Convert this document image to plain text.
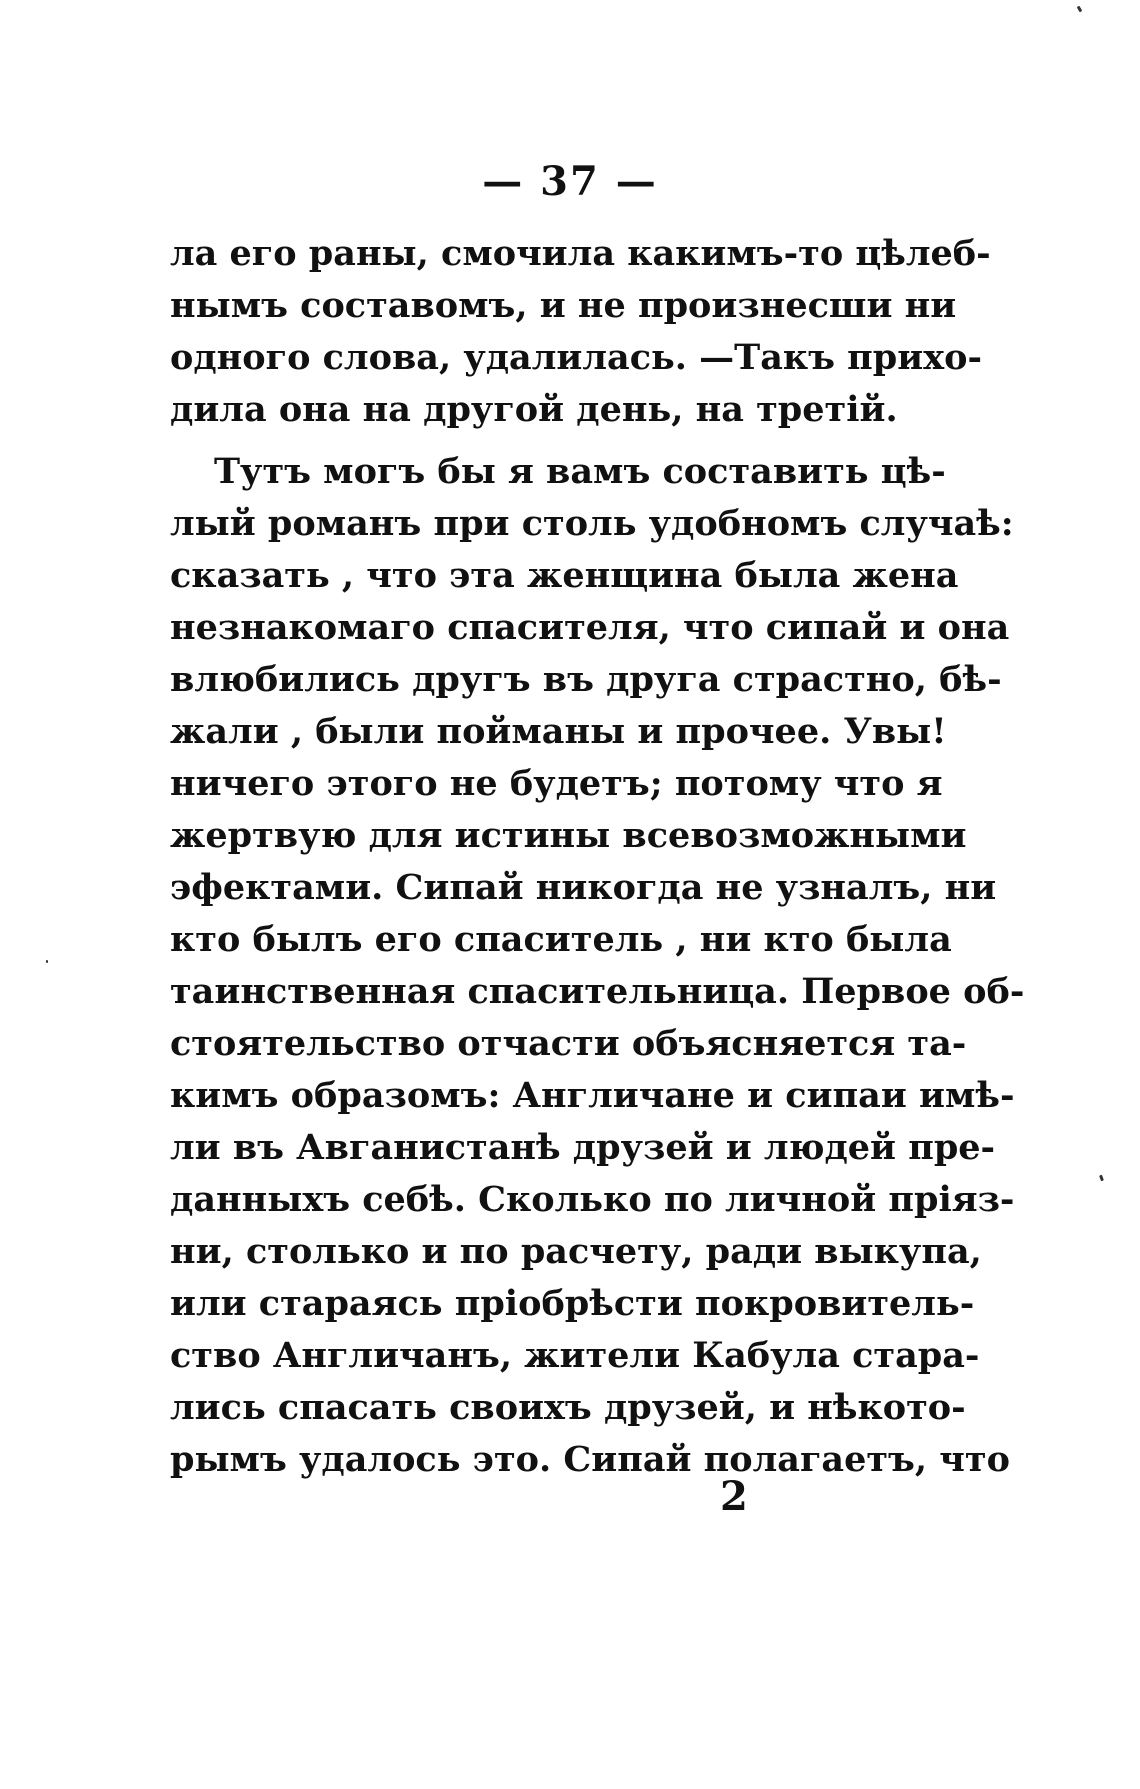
— 37 —
ла его раны, смочила какимъ-то цѣлеб-
нымъ составомъ, и не произнесши ни
одного слова, удалилась. —Такъ прихо-
дила она на другой день, на третій.
Тутъ могъ бы я вамъ составить цѣ-
лый романъ при столь удобномъ случаѣ:
сказать , что эта женщина была жена
незнакомаго спасителя, что сипай и она
влюбились другъ въ друга страстно, бѣ-
жали , были пойманы и прочее. Увы!
ничего этого не будетъ; потому что я
жертвую для истины всевозможными
эфектами. Сипай никогда не узналъ, ни
кто былъ его спаситель , ни кто была
таинственная спасительница. Первое об-
стоятельство отчасти объясняется та-
кимъ образомъ: Англичане и сипаи имѣ-
ли въ Авганистанѣ друзей и людей пре-
данныхъ себѣ. Сколько по личной пріяз-
ни, столько и по расчету, ради выкупа,
или стараясь пріобрѣсти покровитель-
ство Англичанъ, жители Кабула стара-
лись спасать своихъ друзей, и нѣкото-
рымъ удалось это. Сипай полагаетъ, что
2
